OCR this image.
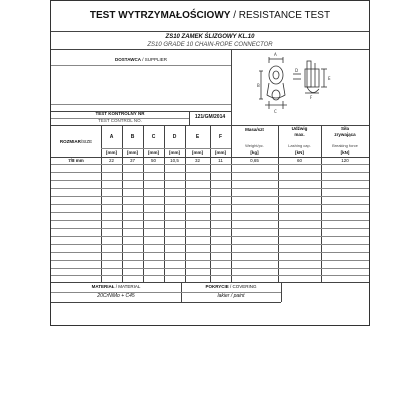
TEST WYTRZYMAŁOŚCIOWY / RESISTANCE TEST
ZS10 ZAMEK ŚLIZGOWY KL.10
ZS10 GRADE 10 CHAIN-ROPE CONNECTOR
DOSTAWCA / SUPPLIER
TEST KONTROLNY NR
TEST CONTROL NO.
121/GM/2014
A
B
C
D
E
F
ROZMIAR/SIZE
A	B	C	D	E	F
[mm]	[mm]	[mm]	[mm]	[mm]	[mm]
Masa/szt
Weight/pc.
[kg]
Udźwig
max.
Lashing cap.
[kN]
Siła
zrywająca
Breaking force
[kN]
7/8 mm	22	37	50	10,5	32	11	0,65	60	120
MATERIAŁ / MATERIAL
20CrNiMo + C45
POKRYCIE / COVERING
lakier / paint
